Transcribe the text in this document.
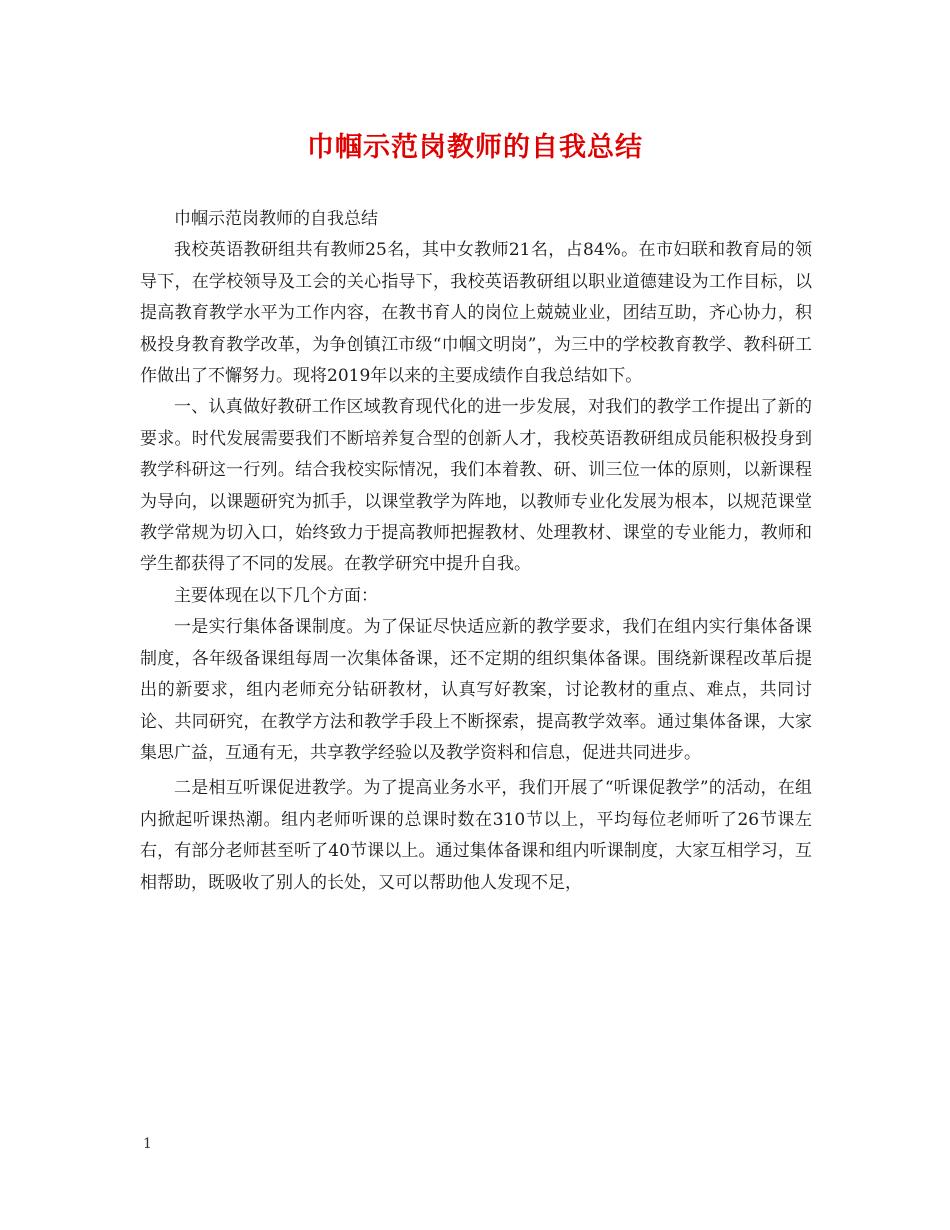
巾帼示范岗教师的自我总结

巾帼示范岗教师的自我总结

我校英语教研组共有教师25名，其中女教师21名，占84%。在市妇联和教育局的领导下，在学校领导及工会的关心指导下，我校英语教研组以职业道德建设为工作目标，以提高教育教学水平为工作内容，在教书育人的岗位上兢兢业业，团结互助，齐心协力，积极投身教育教学改革，为争创镇江市级“巾帼文明岗”，为三中的学校教育教学、教科研工作做出了不懈努力。现将2019年以来的主要成绩作自我总结如下。

一、认真做好教研工作区域教育现代化的进一步发展，对我们的教学工作提出了新的要求。时代发展需要我们不断培养复合型的创新人才，我校英语教研组成员能积极投身到教学科研这一行列。结合我校实际情况，我们本着教、研、训三位一体的原则，以新课程为导向，以课题研究为抓手，以课堂教学为阵地，以教师专业化发展为根本，以规范课堂教学常规为切入口，始终致力于提高教师把握教材、处理教材、课堂的专业能力，教师和学生都获得了不同的发展。在教学研究中提升自我。

主要体现在以下几个方面：

一是实行集体备课制度。为了保证尽快适应新的教学要求，我们在组内实行集体备课制度，各年级备课组每周一次集体备课，还不定期的组织集体备课。围绕新课程改革后提出的新要求，组内老师充分钻研教材，认真写好教案，讨论教材的重点、难点，共同讨论、共同研究，在教学方法和教学手段上不断探索，提高教学效率。通过集体备课，大家集思广益，互通有无，共享教学经验以及教学资料和信息，促进共同进步。

二是相互听课促进教学。为了提高业务水平，我们开展了“听课促教学”的活动，在组内掀起听课热潮。组内老师听课的总课时数在310节以上，平均每位老师听了26节课左右，有部分老师甚至听了40节课以上。通过集体备课和组内听课制度，大家互相学习，互相帮助，既吸收了别人的长处，又可以帮助他人发现不足，

1
